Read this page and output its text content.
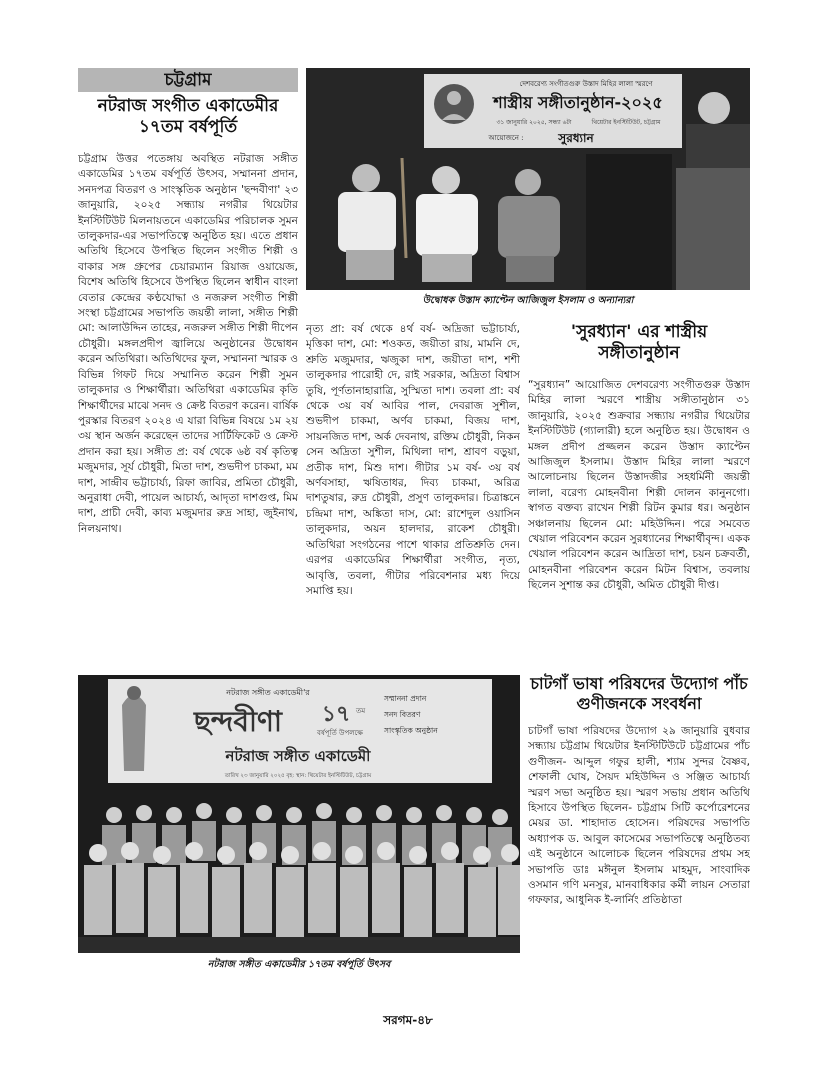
চট্টগ্রাম
নটরাজ সংগীত একাডেমীর ১৭তম বর্ষপূর্তি

চট্টগ্রাম উত্তর পতেঙ্গায় অবস্থিত নটরাজ সঙ্গীত একাডেমির ১৭তম বর্ষপূর্তি উৎসব, সম্মাননা প্রদান, সনদপত্র বিতরণ ও সাংস্কৃতিক অনুষ্ঠান 'ছন্দবীণা' ২৩ জানুয়ারি, ২০২৫ সন্ধ্যায় নগরীর থিয়েটার ইনস্টিটিউট মিলনায়তনে একাডেমির পরিচালক সুমন তালুকদার-এর সভাপতিত্বে অনুষ্ঠিত হয়। এতে প্রধান অতিথি হিসেবে উপস্থিত ছিলেন সংগীত শিল্পী ও বাকার সঙ্গ গ্রুপের চেয়ারম্যান রিয়াজ ওয়ায়েজ, বিশেষ অতিথি হিসেবে উপস্থিত ছিলেন স্বাধীন বাংলা বেতার কেন্দ্রের কণ্ঠযোদ্ধা ও নজরুল সংগীত শিল্পী সংস্থা চট্টগ্রামের সভাপতি জয়ন্তী লালা, সঙ্গীত শিল্পী মো: আলাউদ্দিন তাহের, নজরুল সঙ্গীত শিল্পী দীপেন চৌধুরী। মঙ্গলপ্রদীপ জ্বালিয়ে অনুষ্ঠানের উদ্বোধন করেন অতিথিরা। অতিথিদের ফুল, সম্মাননা স্মারক ও বিভিন্ন গিফট দিয়ে সম্মানিত করেন শিল্পী সুমন তালুকদার ও শিক্ষার্থীরা। অতিথিরা একাডেমির কৃতি শিক্ষার্থীদের মাঝে সনদ ও ক্রেষ্ট বিতরণ করেন। বার্ষিক পুরস্কার বিতরণ ২০২৪ এ যারা বিভিন্ন বিষয়ে ১ম ২য় ৩য় স্থান অর্জন করেছেন তাদের সার্টিফিকেট ও ক্রেস্ট প্রদান করা হয়। সঙ্গীত প্র: বর্ষ থেকে ৬ষ্ঠ বর্ষ কৃতিত্ব মজুমদার, সূর্য চৌধুরী, মিতা দাশ, শুভদীপ চাকমা, মম দাশ, সান্দ্রীব ভট্টাচার্য্য, রিফা জাবির, প্রমিতা চৌধুরী, অনুরাধা দেবী, পায়েল আচার্য্য, আদৃতা দাশগুপ্ত, মিম দাশ, প্রাচী দেবী, কাব্য মজুমদার রুদ্র সাহা, জুইনাথ, নিলয়নাথ।

দেশবরেণ্য সংগীতগুরু উস্তাদ মিহির লালা স্মরণে
শাস্ত্রীয় সঙ্গীতানুষ্ঠান-২০২৫
৩১ জানুয়ারি ২০২৫, সন্ধ্যা ৬টা	থিয়েটার ইনস্টিটিউট, চট্টগ্রাম
আয়োজনে :	সুরধ্যান
উদ্বোধক উস্তাদ ক্যাপ্টেন আজিজুল ইসলাম ও অন্যান্যরা

নৃত্য প্রা: বর্ষ থেকে ৪র্থ বর্ষ- অদ্রিজা ভট্টাচার্য্য, মৃত্তিকা দাশ, মো: শওকত, জয়ীতা রায়, মামনি দে, শ্রুতি মজুমদার, ঋজুকা দাশ, জয়ীতা দাশ, শশী তালুকদার পারোহী দে, রাই সরকার, অদ্রিতা বিশ্বাস তুষি, পূর্ণতানাহারাত্রি, সুস্মিতা দাশ। তবলা প্রা: বর্ষ থেকে ৩য় বর্ষ আবির পাল, দেবরাজ সুশীল, শুভদীপ চাকমা, অর্ণব চাকমা, বিজয় দাশ, সায়নজিত দাশ, অর্ক দেবনাথ, রক্তিম চৌধুরী, নিকন সেন অদ্রিতা সুশীল, মিথিলা দাশ, শ্রাবণ বড়ুয়া, প্রতীক দাশ, মিশু দাশ। গীটার ১ম বর্ষ- ৩য় বর্ষ অর্ণবসাহা, ঋষিতাধর, দিব্য চাকমা, অরিত্র দাশতুষার, রুদ্র চৌধুরী, প্রসুণ তালুকদার। চিত্রাঙ্কনে চন্দ্রিমা দাশ, অঙ্কিতা দাস, মো: রাশেদুল ওয়াসিন তালুকদার, অয়ন হালদার, রাকেশ চৌধুরী। অতিথিরা সংগঠনের পাশে থাকার প্রতিশ্রুতি দেন। এরপর একাডেমির শিক্ষার্থীরা সংগীত, নৃত্য, আবৃত্তি, তবলা, গীটার পরিবেশনার মধ্য দিয়ে সমাপ্তি হয়।

'সুরধ্যান' এর শাস্ত্রীয় সঙ্গীতানুষ্ঠান

“সুরধ্যান” আয়োজিত দেশবরেণ্য সংগীতগুরু উস্তাদ মিহির লালা স্মরণে শাস্ত্রীয় সঙ্গীতানুষ্ঠান ৩১ জানুয়ারি, ২০২৫ শুক্রবার সন্ধ্যায় নগরীর থিয়েটার ইনস্টিটিউট (গ্যালারী) হলে অনুষ্ঠিত হয়। উদ্বোধন ও মঙ্গল প্রদীপ প্রজ্জলন করেন উস্তাদ ক্যাপ্টেন আজিজুল ইসলাম। উস্তাদ মিহির লালা স্মরণে আলোচনায় ছিলেন উস্তাদজীর সহধর্মিনী জয়ন্তী লালা, বরেণ্য মোহনবীনা শিল্পী দোলন কানুনগো। স্বাগত বক্তব্য রাখেন শিল্পী রিটন কুমার ধর। অনুষ্ঠান সঞ্চালনায় ছিলেন মো: মহিউদ্দিন। পরে সমবেত খেয়াল পরিবেশন করেন সুরধ্যানের শিক্ষার্থীবৃন্দ। একক খেয়াল পরিবেশন করেন আদ্রিতা দাশ, চয়ন চক্রবর্তী, মোহনবীনা পরিবেশন করেন মিটন বিশ্বাস, তবলায় ছিলেন সুশান্ত কর চৌধুরী, অমিত চৌধুরী দীপ্ত।

নটরাজ সঙ্গীত একাডেমী'র
ছন্দবীণা ১৭ তম
বর্ষপূর্তি উপলক্ষে
সম্মাননা প্রদান
সনদ বিতরণ
সাংস্কৃতিক অনুষ্ঠান
নটরাজ সঙ্গীত একাডেমী
তারিখ ২৩ জানুয়ারি ২০২৫ বৃহ: স্থান: থিয়েটার ইনস্টিটিউট, চট্টগ্রাম
নটরাজ সঙ্গীত একাডেমীর ১৭তম বর্ষপূর্তি উৎসব
চাটগাঁ ভাষা পরিষদের উদ্যোগ পাঁচ গুণীজনকে সংবর্ধনা

চাটগাঁ ভাষা পরিষদের উদ্যোগ ২৯ জানুয়ারি বুধবার সন্ধ্যায় চট্টগ্রাম থিয়েটার ইনস্টিটিউটে চট্টগ্রামের পাঁচ গুণীজন- আব্দুল গফুর হালী, শ্যাম সুন্দর বৈষ্ণব, শেফালী ঘোষ, সৈয়দ মহিউদ্দিন ও সঞ্জিত আচার্য্য স্মরণ সভা অনুষ্ঠিত হয়। স্মরণ সভায় প্রধান অতিথি হিসাবে উপস্থিত ছিলেন- চট্টগ্রাম সিটি কর্পোরেশনের মেয়র ডা. শাহাদাত হোসেন। পরিষদের সভাপতি অধ্যাপক ড. আবুল কাসেমের সভাপতিত্বে অনুষ্ঠিতব্য এই অনুষ্ঠানে আলোচক ছিলেন পরিষদের প্রথম সহ সভাপতি ডাঃ মঈনুল ইসলাম মাহমুদ, সাংবাদিক ওসমান গণি মনসুর, মানবাধিকার কর্মী লায়ন সেতারা গফফার, আধুনিক ই-লার্নিং প্রতিষ্ঠাতা

সরগম-৪৮
